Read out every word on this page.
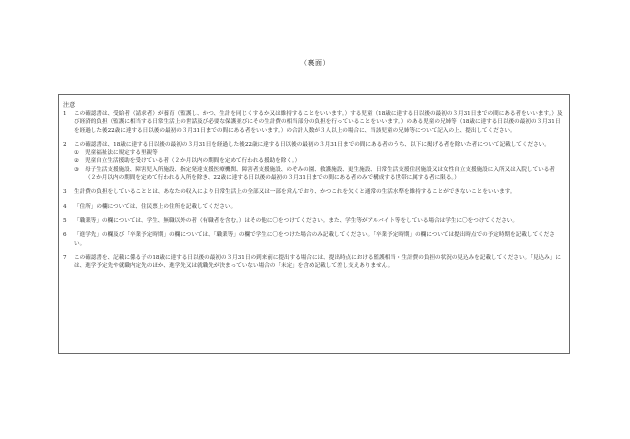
（裏面）
注意
1	この確認書は、受給者（請求者）が養育（監護し、かつ、生計を同じくするか又は維持することをいいます。）する児童（18歳に達する日以後の最初の３月31日までの間にある者をいいます。）及び経済的負担（監護に相当する日常生活上の世話及び必要な保護並びにその生計費の相当部分の負担を行っていることをいいます。）のある児童の兄姉等（18歳に達する日以後の最初の３月31日を経過した後22歳に達する日以後の最初の３月31日までの間にある者をいいます。）の合計人数が３人以上の場合に、当該児童の兄姉等について記入の上、提出してください。
2	この確認書は、18歳に達する日以後の最初の３月31日を経過した後22歳に達する日以後の最初の３月31日までの間にある者のうち、以下に掲げる者を除いた者について記載してください。
①	児童福祉法に規定する里親等
②	児童自立生活援助を受けている者（２か月以内の期間を定めて行われる援助を除く。）
③	母子生活支援施設、障害児入所施設、指定発達支援医療機関、障害者支援施設、のぞみの園、救護施設、更生施設、日常生活支援住居施設又は女性自立支援施設に入所又は入院している者（２か月以内の期間を定めて行われる入所を除き、22歳に達する日以後の最初の３月31日までの間にある者のみで構成する世帯に属する者に限る。）
3	生計費の負担をしていることとは、あなたの収入により日常生活上の全部又は一部を営んでおり、かつこれを欠くと通常の生活水準を維持することができないことをいいます。
4	「住所」の欄については、住民票上の住所を記載してください。
5	「職業等」の欄については、学生、無職以外の者（有職者を含む。）はその他に〇をつけてください。また、学生等がアルバイト等をしている場合は学生に〇をつけてください。
6	「進学先」の欄及び「卒業予定時期」の欄については、「職業等」の欄で学生に〇をつけた場合のみ記載してください。「卒業予定時期」の欄については提出時点での予定時期を記載してください。
7	この確認書を、記載に係る子の18歳に達する日以後の最初の３月31日の到来前に提出する場合には、提出時点における監護相当・生計費の負担の状況の見込みを記載してください。「見込み」には、進学予定先や就職内定先のほか、進学先又は就職先が決まっていない場合の「未定」を含め記載して差し支えありません。
